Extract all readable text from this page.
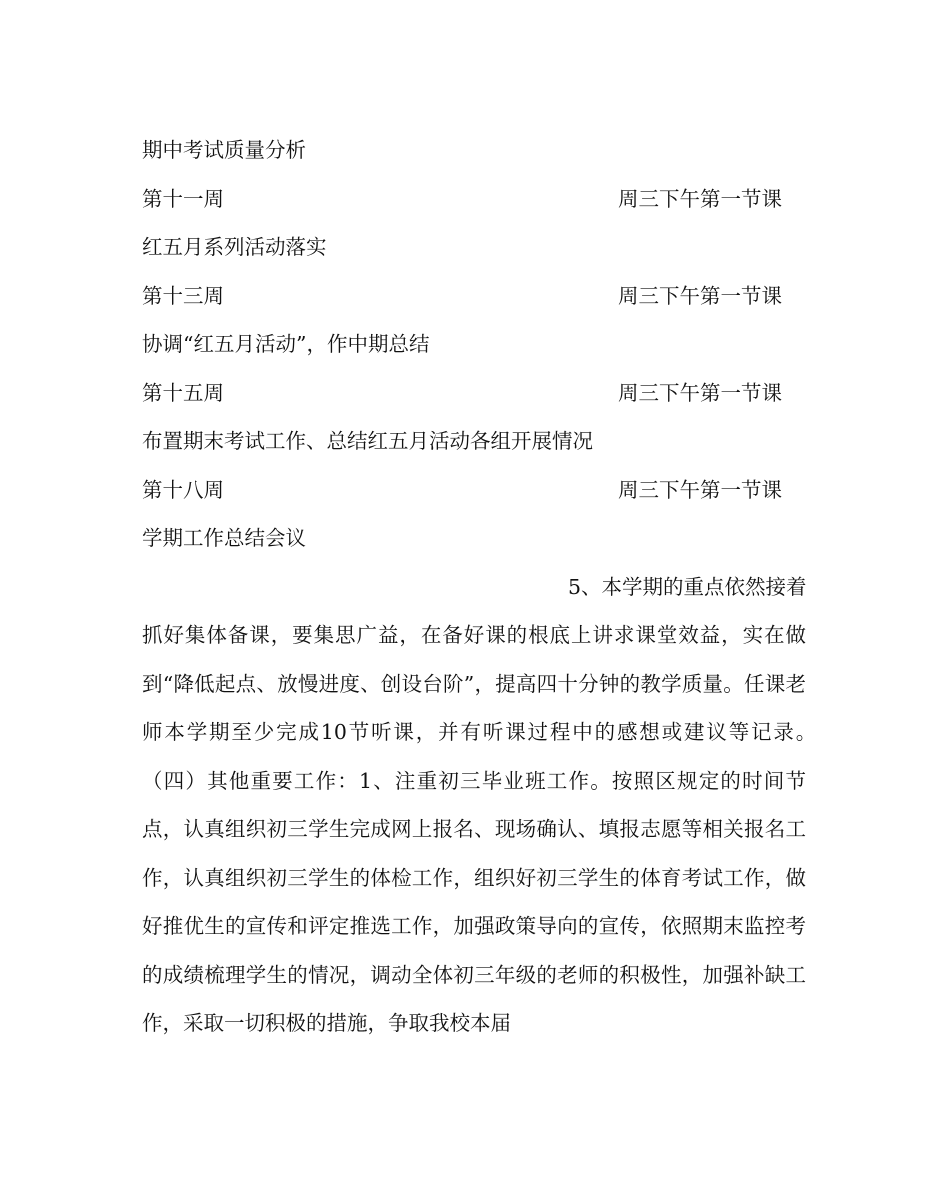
期中考试质量分析
第十一周	周三下午第一节课
红五月系列活动落实
第十三周	周三下午第一节课
协调“红五月活动”，作中期总结
第十五周	周三下午第一节课
布置期末考试工作、总结红五月活动各组开展情况
第十八周	周三下午第一节课
学期工作总结会议
5、本学期的重点依然接着

抓好集体备课，要集思广益，在备好课的根底上讲求课堂效益，实在做到“降低起点、放慢进度、创设台阶”，提高四十分钟的教学质量。任课老师本学期至少完成10节听课，并有听课过程中的感想或建议等记录。　（四）其他重要工作：1、注重初三毕业班工作。按照区规定的时间节点，认真组织初三学生完成网上报名、现场确认、填报志愿等相关报名工作，认真组织初三学生的体检工作，组织好初三学生的体育考试工作，做好推优生的宣传和评定推选工作，加强政策导向的宣传，依照期末监控考的成绩梳理学生的情况，调动全体初三年级的老师的积极性，加强补缺工作，采取一切积极的措施，争取我校本届
